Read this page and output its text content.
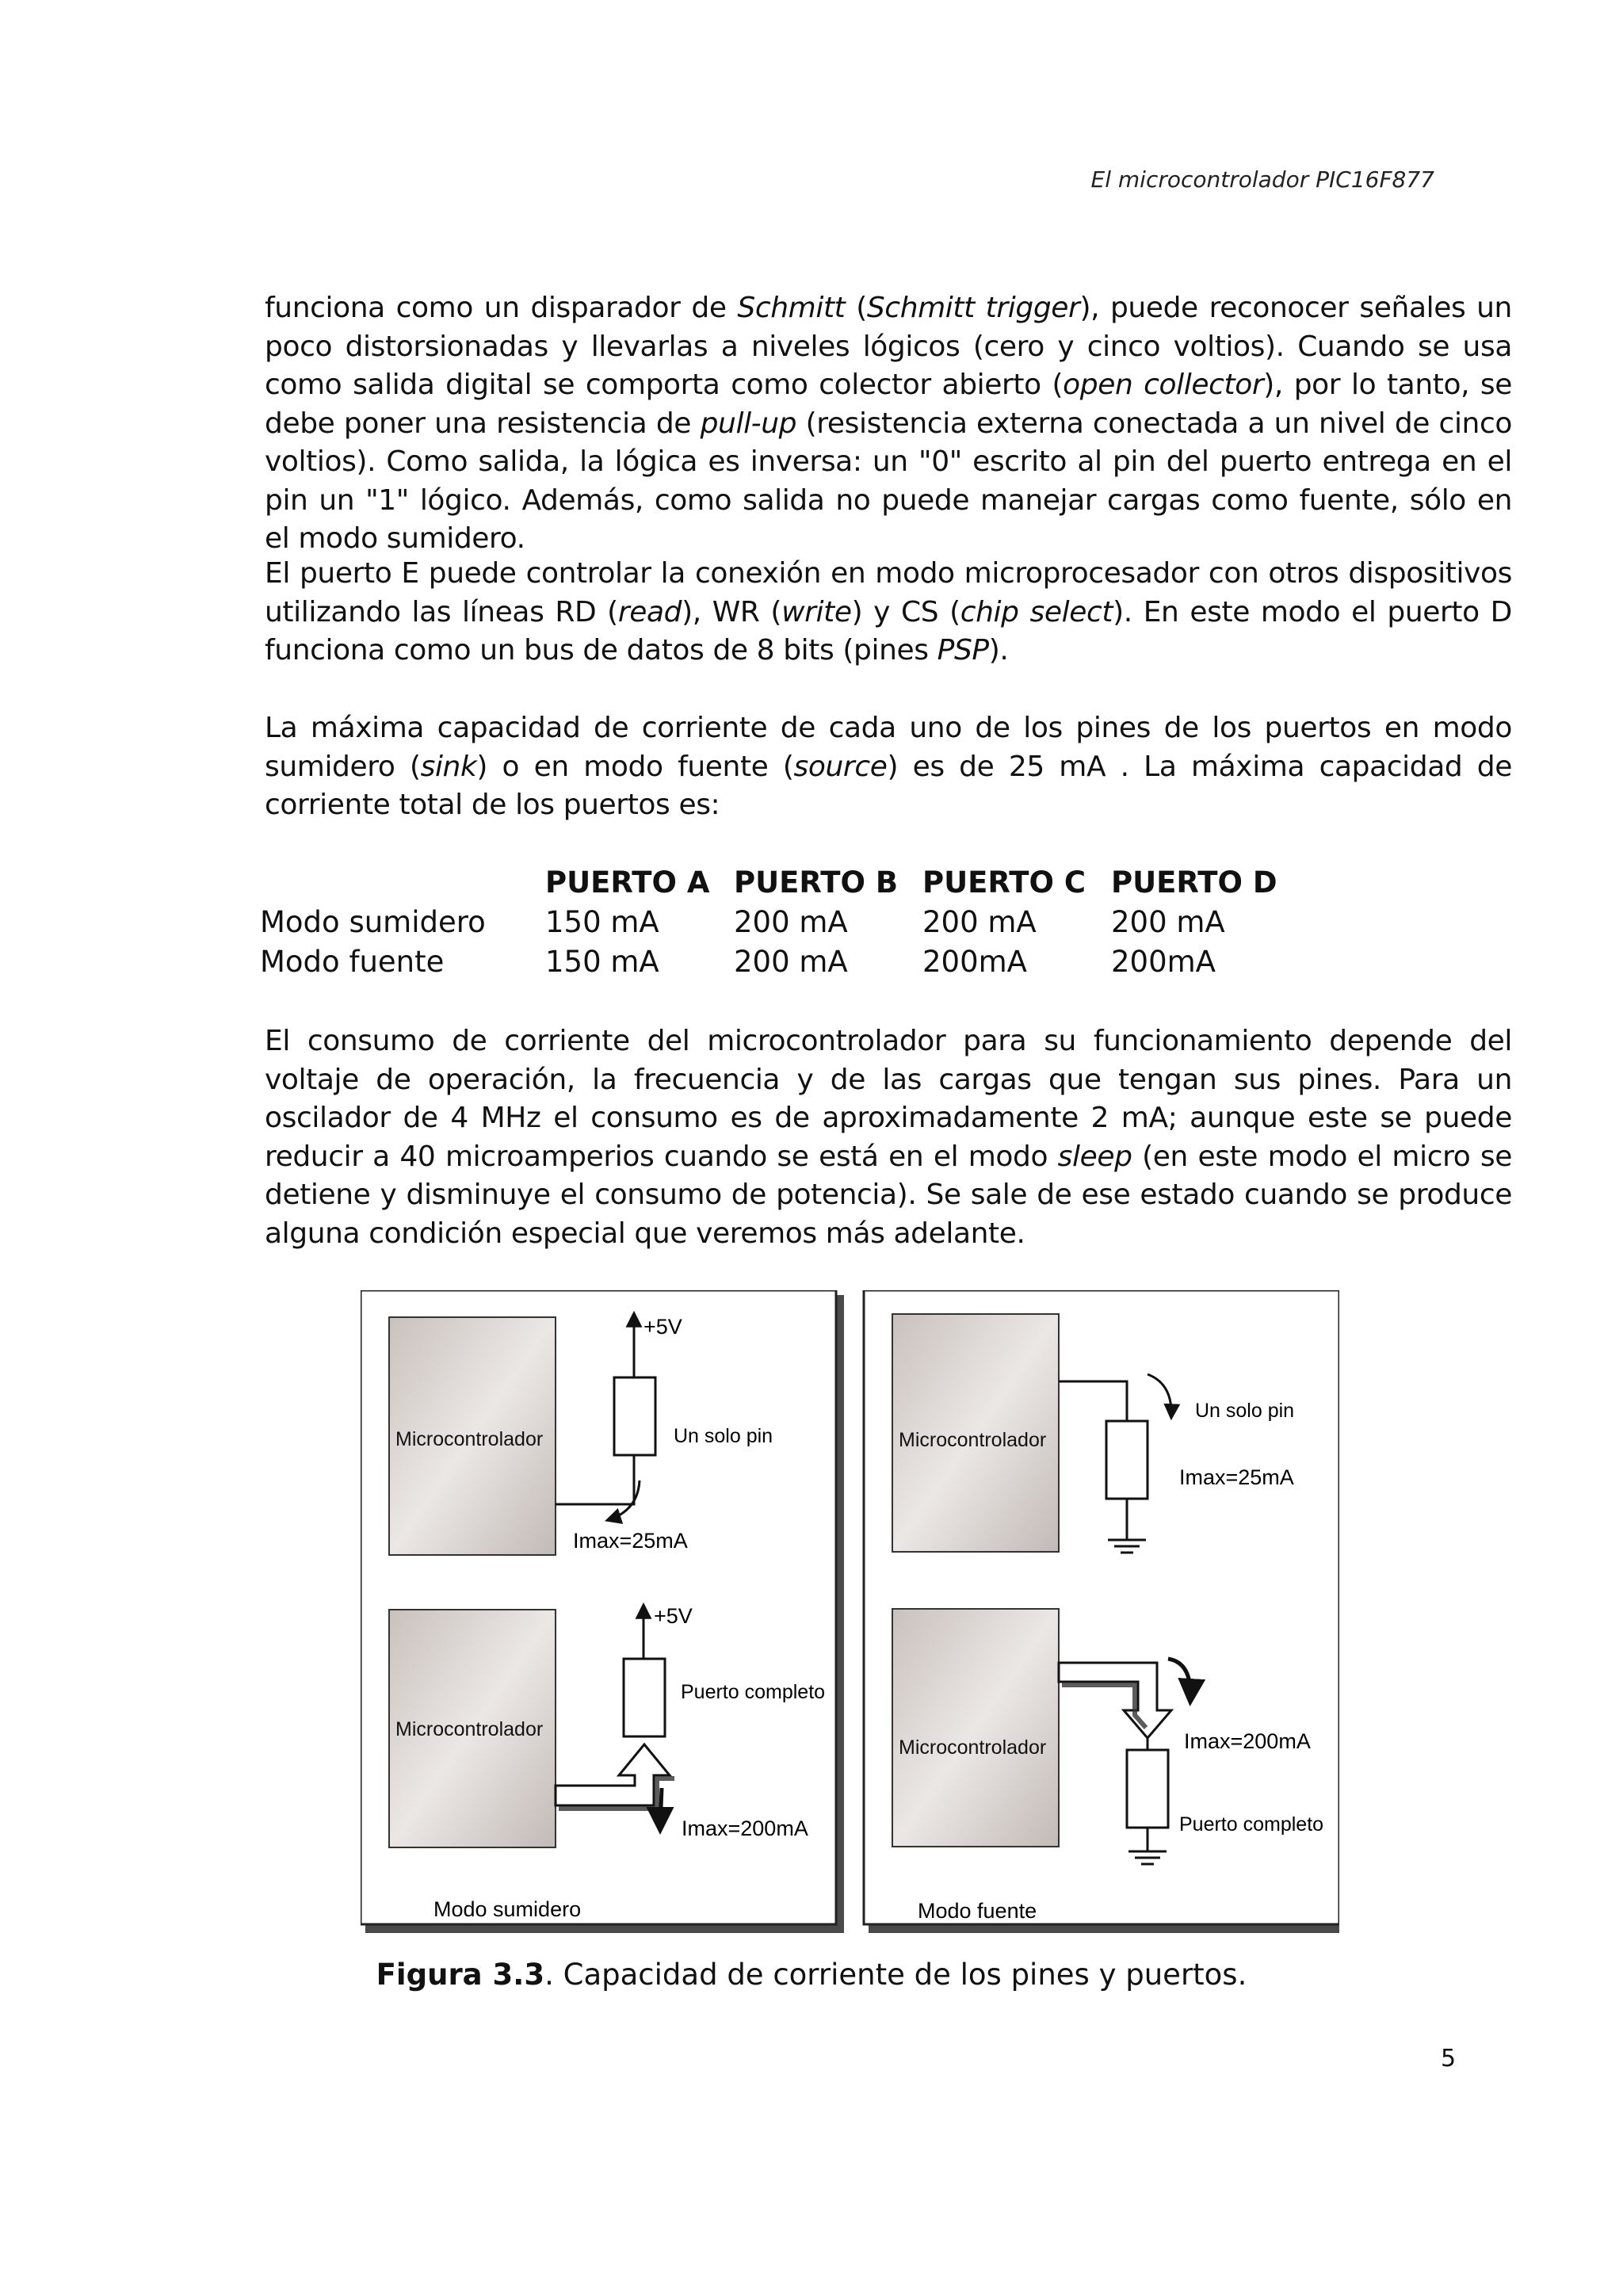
El microcontrolador PIC16F877

funciona como un disparador de Schmitt (Schmitt trigger), puede reconocer señales un poco distorsionadas y llevarlas a niveles lógicos (cero y cinco voltios). Cuando se usa como salida digital se comporta como colector abierto (open collector), por lo tanto, se debe poner una resistencia de pull-up (resistencia externa conectada a un nivel de cinco voltios). Como salida, la lógica es inversa: un "0" escrito al pin del puerto entrega en el pin un "1" lógico. Además, como salida no puede manejar cargas como fuente, sólo en el modo sumidero.

El puerto E puede controlar la conexión en modo microprocesador con otros dispositivos utilizando las líneas RD (read), WR (write) y CS (chip select). En este modo el puerto D funciona como un bus de datos de 8 bits (pines PSP).

La máxima capacidad de corriente de cada uno de los pines de los puertos en modo sumidero (sink) o en modo fuente (source) es de 25 mA . La máxima capacidad de corriente total de los puertos es:

	PUERTO A	PUERTO B	PUERTO C	PUERTO D
Modo sumidero	150 mA	200 mA	200 mA	200 mA
Modo fuente	150 mA	200 mA	200mA	200mA

El consumo de corriente del microcontrolador para su funcionamiento depende del voltaje de operación, la frecuencia y de las cargas que tengan sus pines. Para un oscilador de 4 MHz el consumo es de aproximadamente 2 mA; aunque este se puede reducir a 40 microamperios cuando se está en el modo sleep (en este modo el micro se detiene y disminuye el consumo de potencia). Se sale de ese estado cuando se produce alguna condición especial que veremos más adelante.

Microcontrolador
+5V
Un solo pin
Imax=25mA
Microcontrolador
+5V
Puerto completo
Imax=200mA
Modo sumidero
Microcontrolador
Un solo pin
Imax=25mA
Microcontrolador	Imax=200mA
Puerto completo
Modo fuente
Figura 3.3. Capacidad de corriente de los pines y puertos.
5
